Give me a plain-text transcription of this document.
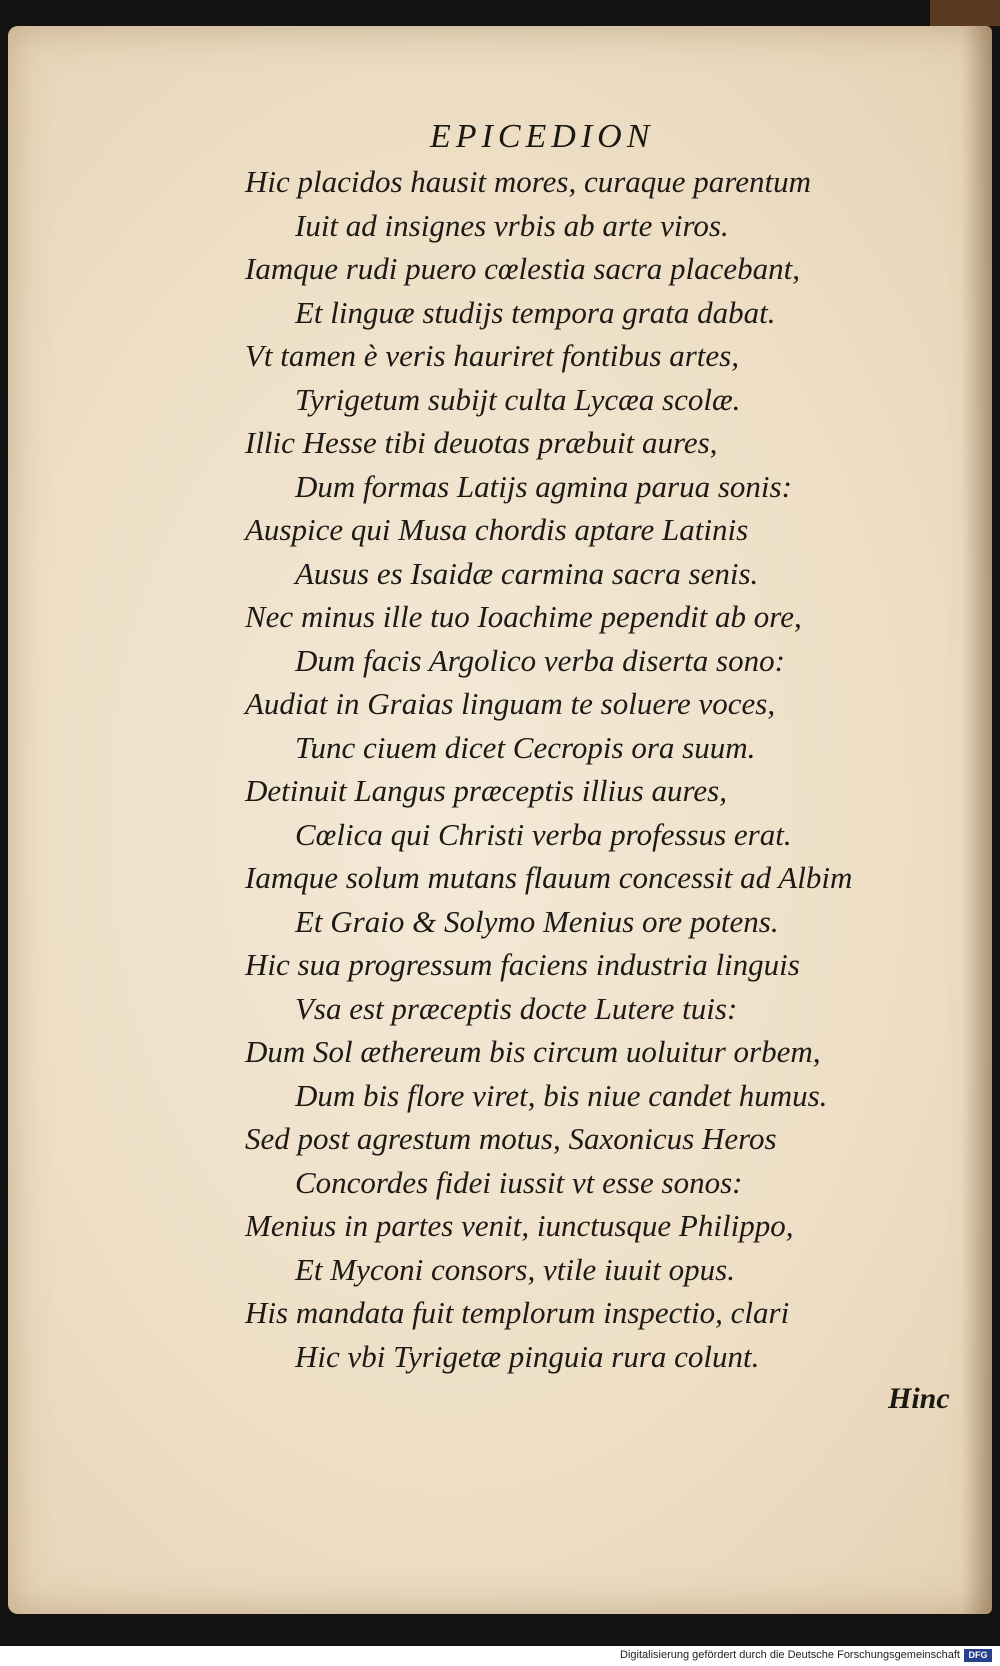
EPICEDION
Hic placidos hausit mores, curaque parentum
Iuit ad insignes vrbis ab arte viros.
Iamque rudi puero cœlestia sacra placebant,
Et linguæ studijs tempora grata dabat.
Vt tamen è veris hauriret fontibus artes,
Tyrigetum subijt culta Lycæa scolæ.
Illic Hesse tibi deuotas præbuit aures,
Dum formas Latijs agmina parua sonis:
Auspice qui Musa chordis aptare Latinis
Ausus es Isaidæ carmina sacra senis.
Nec minus ille tuo Ioachime pependit ab ore,
Dum facis Argolico verba diserta sono:
Audiat in Graias linguam te soluere voces,
Tunc ciuem dicet Cecropis ora suum.
Detinuit Langus præceptis illius aures,
Cœlica qui Christi verba professus erat.
Iamque solum mutans flauum concessit ad Albim
Et Graio & Solymo Menius ore potens.
Hic sua progressum faciens industria linguis
Vsa est præceptis docte Lutere tuis:
Dum Sol æthereum bis circum uoluitur orbem,
Dum bis flore viret, bis niue candet humus.
Sed post agrestum motus, Saxonicus Heros
Concordes fidei iussit vt esse sonos:
Menius in partes venit, iunctusque Philippo,
Et Myconi consors, vtile iuuit opus.
His mandata fuit templorum inspectio, clari
Hic vbi Tyrigetæ pinguia rura colunt.
Hinc
Digitalisierung gefördert durch die Deutsche Forschungsgemeinschaft DFG
